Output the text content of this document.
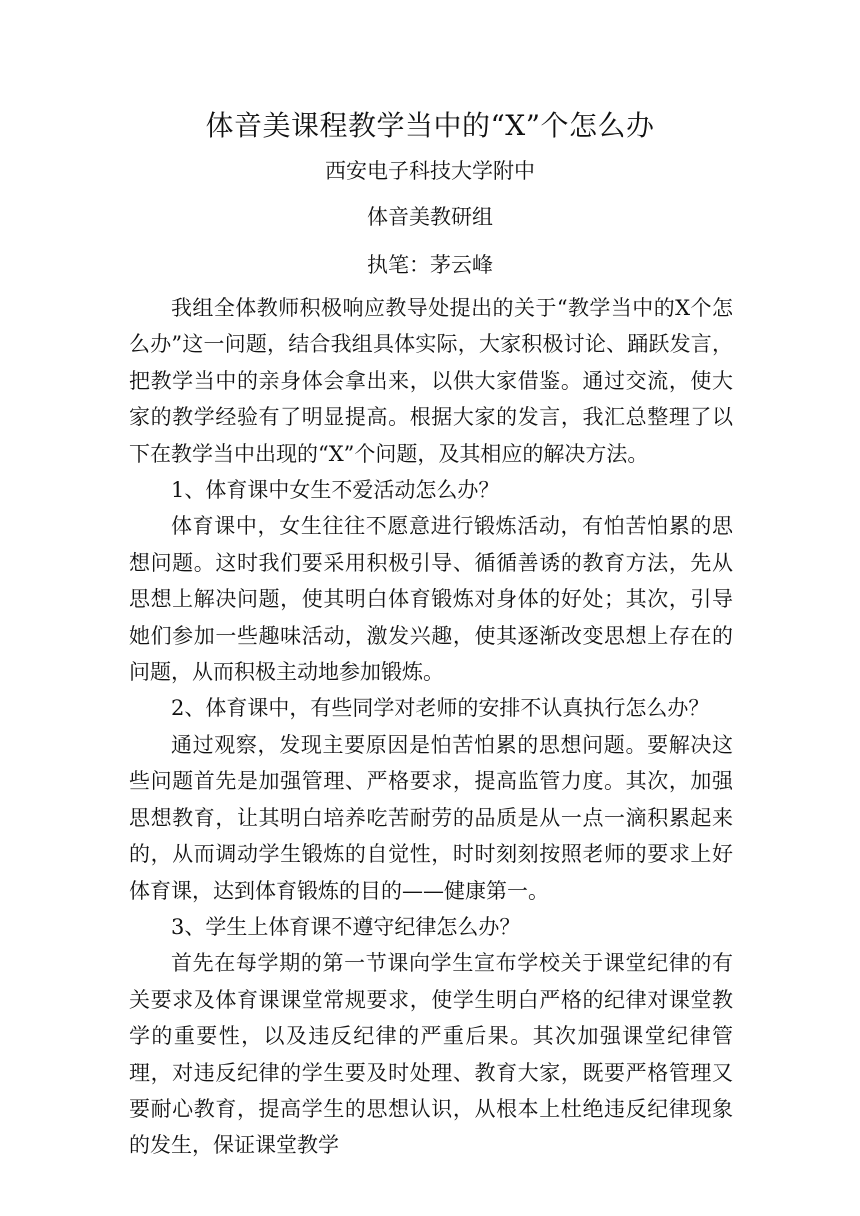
体音美课程教学当中的“X”个怎么办
西安电子科技大学附中
体音美教研组
执笔：茅云峰

我组全体教师积极响应教导处提出的关于“教学当中的X个怎么办”这一问题，结合我组具体实际，大家积极讨论、踊跃发言，把教学当中的亲身体会拿出来，以供大家借鉴。通过交流，使大家的教学经验有了明显提高。根据大家的发言，我汇总整理了以下在教学当中出现的“X”个问题，及其相应的解决方法。

1、体育课中女生不爱活动怎么办？

体育课中，女生往往不愿意进行锻炼活动，有怕苦怕累的思想问题。这时我们要采用积极引导、循循善诱的教育方法，先从思想上解决问题，使其明白体育锻炼对身体的好处；其次，引导她们参加一些趣味活动，激发兴趣，使其逐渐改变思想上存在的问题，从而积极主动地参加锻炼。

2、体育课中，有些同学对老师的安排不认真执行怎么办？

通过观察，发现主要原因是怕苦怕累的思想问题。要解决这些问题首先是加强管理、严格要求，提高监管力度。其次，加强思想教育，让其明白培养吃苦耐劳的品质是从一点一滴积累起来的，从而调动学生锻炼的自觉性，时时刻刻按照老师的要求上好体育课，达到体育锻炼的目的——健康第一。

3、学生上体育课不遵守纪律怎么办？

首先在每学期的第一节课向学生宣布学校关于课堂纪律的有关要求及体育课课堂常规要求，使学生明白严格的纪律对课堂教学的重要性，以及违反纪律的严重后果。其次加强课堂纪律管理，对违反纪律的学生要及时处理、教育大家，既要严格管理又要耐心教育，提高学生的思想认识，从根本上杜绝违反纪律现象的发生，保证课堂教学
